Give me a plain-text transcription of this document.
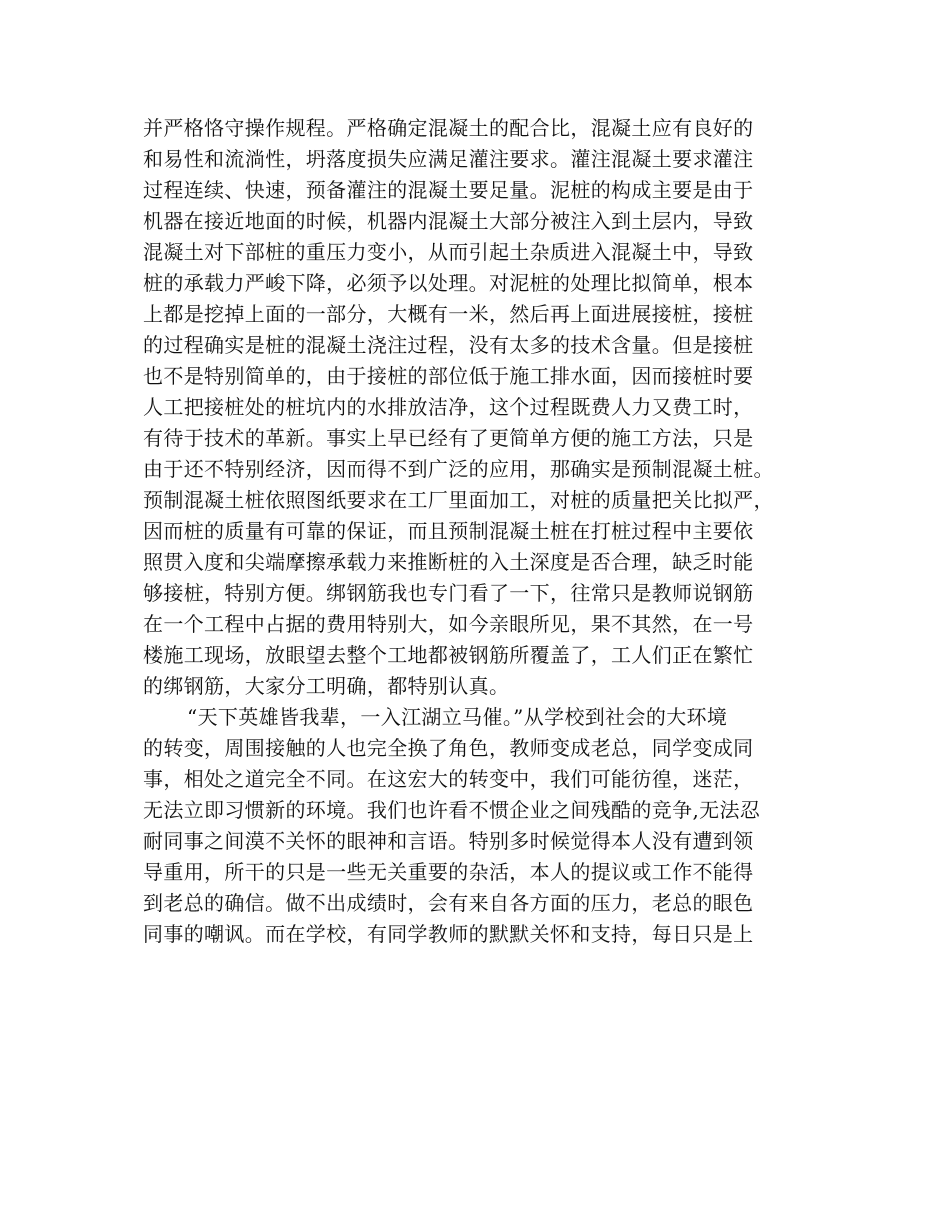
并严格恪守操作规程。严格确定混凝土的配合比，混凝土应有良好的
和易性和流淌性，坍落度损失应满足灌注要求。灌注混凝土要求灌注
过程连续、快速，预备灌注的混凝土要足量。泥桩的构成主要是由于
机器在接近地面的时候，机器内混凝土大部分被注入到土层内，导致
混凝土对下部桩的重压力变小，从而引起土杂质进入混凝土中，导致
桩的承载力严峻下降，必须予以处理。对泥桩的处理比拟简单，根本
上都是挖掉上面的一部分，大概有一米，然后再上面进展接桩，接桩
的过程确实是桩的混凝土浇注过程，没有太多的技术含量。但是接桩
也不是特别简单的，由于接桩的部位低于施工排水面，因而接桩时要
人工把接桩处的桩坑内的水排放洁净，这个过程既费人力又费工时，
有待于技术的革新。事实上早已经有了更简单方便的施工方法，只是
由于还不特别经济，因而得不到广泛的应用，那确实是预制混凝土桩。
预制混凝土桩依照图纸要求在工厂里面加工，对桩的质量把关比拟严，
因而桩的质量有可靠的保证，而且预制混凝土桩在打桩过程中主要依
照贯入度和尖端摩擦承载力来推断桩的入土深度是否合理，缺乏时能
够接桩，特别方便。绑钢筋我也专门看了一下，往常只是教师说钢筋
在一个工程中占据的费用特别大，如今亲眼所见，果不其然，在一号
楼施工现场，放眼望去整个工地都被钢筋所覆盖了，工人们正在繁忙
的绑钢筋，大家分工明确，都特别认真。
“天下英雄皆我辈，一入江湖立马催。”从学校到社会的大环境
的转变，周围接触的人也完全换了角色，教师变成老总，同学变成同
事，相处之道完全不同。在这宏大的转变中，我们可能彷徨，迷茫，
无法立即习惯新的环境。我们也许看不惯企业之间残酷的竞争,无法忍
耐同事之间漠不关怀的眼神和言语。特别多时候觉得本人没有遭到领
导重用，所干的只是一些无关重要的杂活，本人的提议或工作不能得
到老总的确信。做不出成绩时，会有来自各方面的压力，老总的眼色
同事的嘲讽。而在学校，有同学教师的默默关怀和支持，每日只是上
